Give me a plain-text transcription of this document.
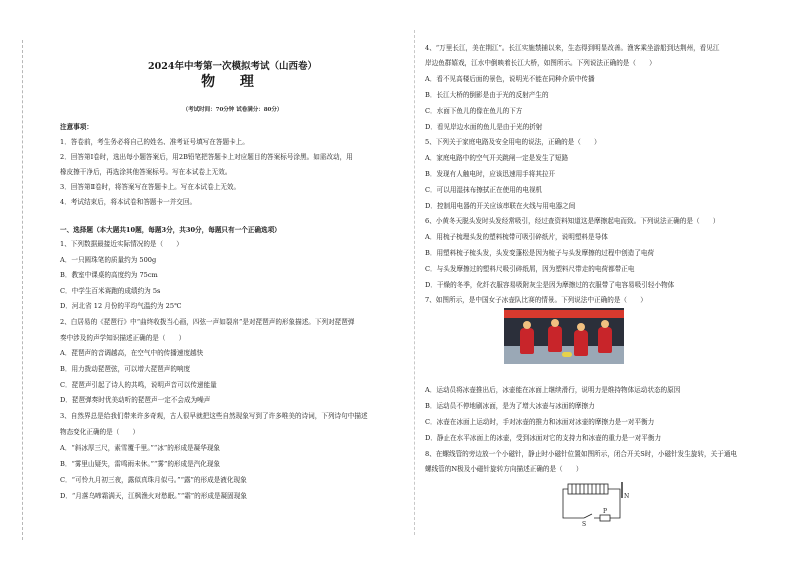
2024年中考第一次模拟考试（山西卷）
物 理
（考试时间：70分钟 试卷满分：80分）
注意事项：
1．答卷前，考生务必将自己的姓名、准考证号填写在答题卡上。
2．回答第Ⅰ卷时，选出每小题答案后，用2B铅笔把答题卡上对应题目的答案标号涂黑。如需改动，用
橡皮擦干净后，再选涂其他答案标号。写在本试卷上无效。
3．回答第Ⅱ卷时，将答案写在答题卡上。写在本试卷上无效。
4．考试结束后，将本试卷和答题卡一并交回。
一、选择题（本大题共10题，每题3分，共30分，每题只有一个正确选项）
1、下列数据最接近实际情况的是（　　）
A．一只圆珠笔的质量约为 500g
B．教室中课桌的高度约为 75cm
C．中学生百米赛跑的成绩约为 5s
D．河北省 12 月份的平均气温约为 25℃
2、白居易的《琵琶行》中“曲终收拨当心画，四弦一声如裂帛”是对琵琶声的形象描述。下列对琵琶弹
奏中涉及的声学知识描述正确的是（　　）
A．琵琶声的音调越高，在空气中的传播速度越快
B．用力拨动琵琶弦，可以增大琵琶声的响度
C．琵琶声引起了诗人的共鸣，说明声音可以传递能量
D．琵琶弹奏时优美动听的琵琶声一定不会成为噪声
3、自然界总是给我们带来许多奇观，古人很早就把这些自然现象写到了许多唯美的诗词，下列诗句中描述
物态变化正确的是（　　）
A．“斜冰厚三尺，素雪覆千里。”“冰”的形成是凝华现象
B．“雾里山疑失，雷鸣雨未休。”“雾”的形成是汽化现象
C．“可怜九月初三夜，露似真珠月似弓。”“露”的形成是液化现象
D．“月落乌啼霜满天，江枫渔火对愁眠。”“霜”的形成是凝固现象
4、“万里长江，美在荆江”。长江实施禁捕以来，生态得到明显改善。渔客乘坐游船到达荆州，看见江
岸边鱼群嬉戏，江水中倒映着长江大桥，如图所示。下列说法正确的是（　　）
A．看不见高楼后面的景色，说明光不能在同种介质中传播
B．长江大桥的倒影是由于光的反射产生的
C．水面下鱼儿的像在鱼儿的下方
D．看见岸边水面的鱼儿是由于光的折射
5、下列关于家庭电路及安全用电的说法，正确的是（　　）
A．家庭电路中的空气开关跳闸一定是发生了短路
B．发现有人触电时，应该迅速用手将其拉开
C．可以用湿抹布擦拭正在使用的电视机
D．控制用电器的开关应该串联在火线与用电器之间
6、小黄冬天脱头发时头发经常吸引，经过查资料知道这是摩擦起电而致。下列说法正确的是（　　）
A．用梳子梳理头发的塑料梳带可吸引碎纸片，说明塑料是导体
B．用塑料梳子梳头发，头发变蓬松是因为梳子与头发摩擦的过程中创造了电荷
C．与头发摩擦过的塑料尺吸引碎纸屑，因为塑料尺带走的电荷都带正电
D．干燥的冬季，化纤衣服容易吸附灰尘是因为摩擦过的衣服带了电容易吸引轻小物体
7、如图所示，是中国女子冰壶队比赛的情景。下列说法中正确的是（　　）
A．运动员将冰壶推出后，冰壶能在冰面上继续滑行，说明力是维持物体运动状态的原因
B．运动员不停地刷冰面，是为了增大冰壶与冰面的摩擦力
C．冰壶在冰面上运动时，手对冰壶的推力和冰面对冰壶的摩擦力是一对平衡力
D．静止在水平冰面上的冰壶，受到冰面对它的支持力和冰壶的重力是一对平衡力
8、在螺线管的旁边放一个小磁针，静止时小磁针位置如图所示，闭合开关S时，小磁针发生旋转，关于通电
螺线管的N极及小磁针旋转方向描述正确的是（　　）
S
P
N
